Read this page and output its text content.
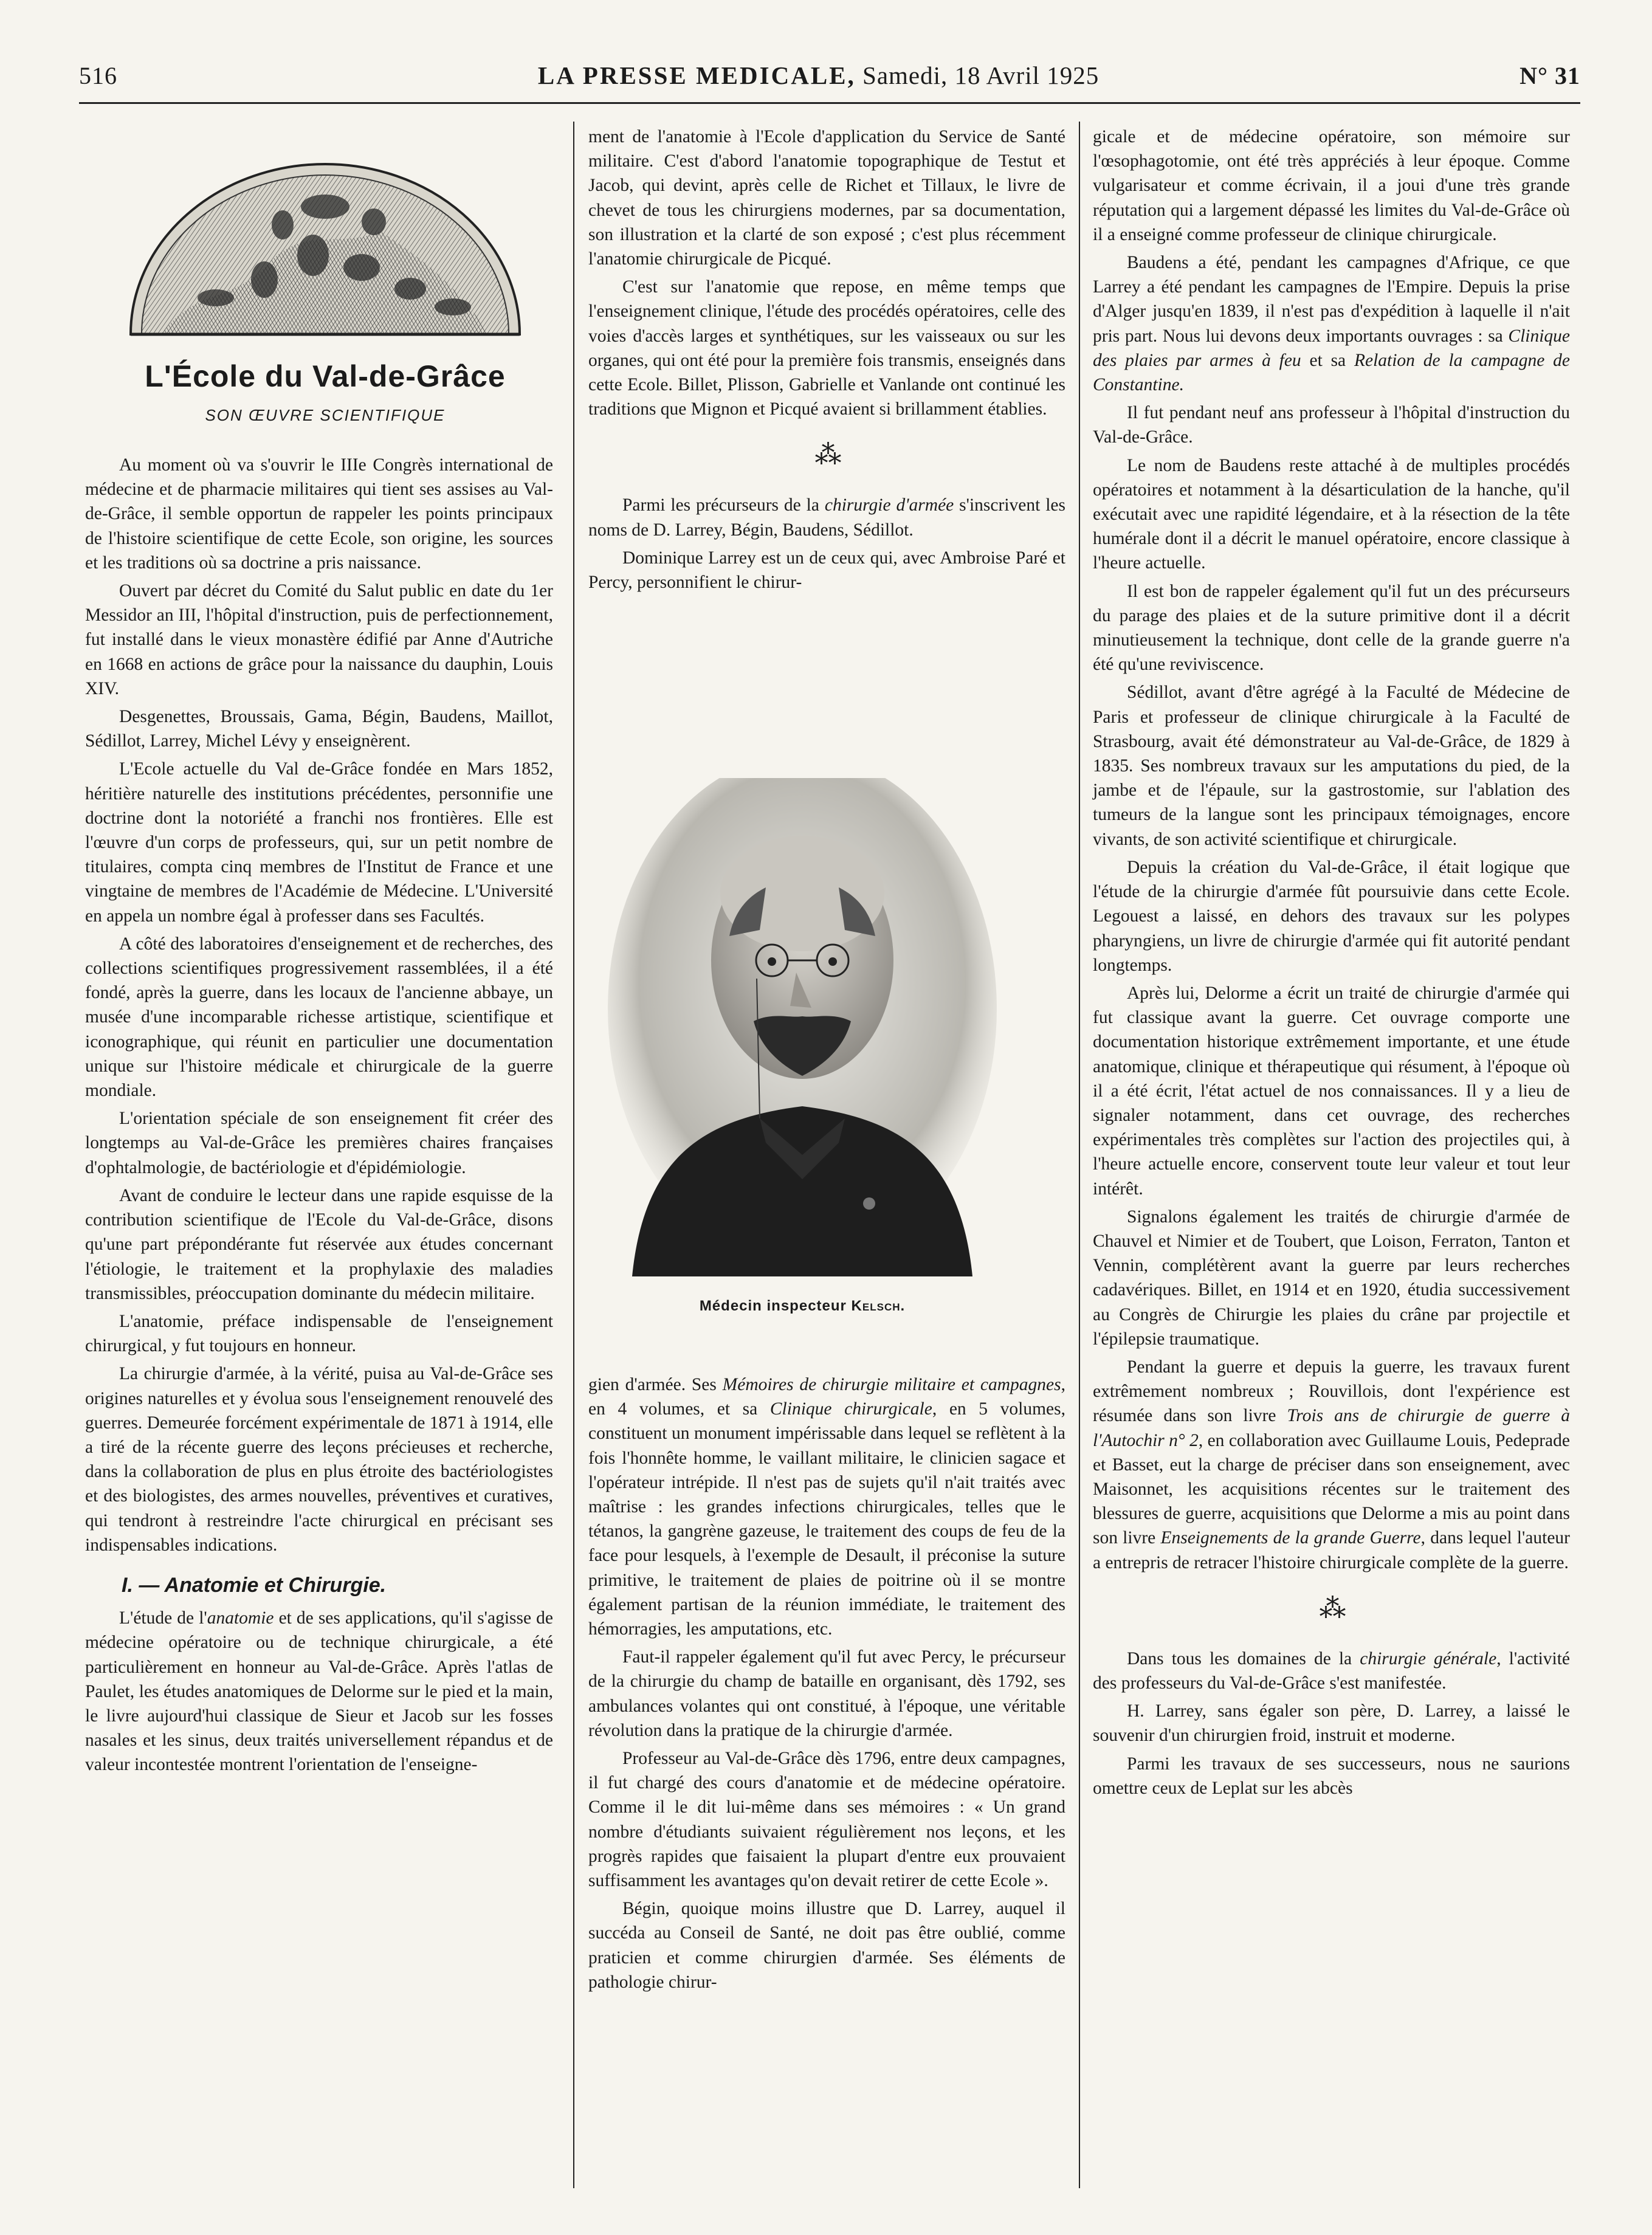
516	LA PRESSE MEDICALE, Samedi, 18 Avril 1925	N° 31
L'École du Val-de-Grâce
SON ŒUVRE SCIENTIFIQUE

Au moment où va s'ouvrir le IIIe Congrès international de médecine et de pharmacie militaires qui tient ses assises au Val-de-Grâce, il semble opportun de rappeler les points principaux de l'histoire scientifique de cette Ecole, son origine, les sources et les traditions où sa doctrine a pris naissance.

Ouvert par décret du Comité du Salut public en date du 1er Messidor an III, l'hôpital d'instruction, puis de perfectionnement, fut installé dans le vieux monastère édifié par Anne d'Autriche en 1668 en actions de grâce pour la naissance du dauphin, Louis XIV.

Desgenettes, Broussais, Gama, Bégin, Baudens, Maillot, Sédillot, Larrey, Michel Lévy y enseignèrent.

L'Ecole actuelle du Val de-Grâce fondée en Mars 1852, héritière naturelle des institutions précédentes, personnifie une doctrine dont la notoriété a franchi nos frontières. Elle est l'œuvre d'un corps de professeurs, qui, sur un petit nombre de titulaires, compta cinq membres de l'Institut de France et une vingtaine de membres de l'Académie de Médecine. L'Université en appela un nombre égal à professer dans ses Facultés.

A côté des laboratoires d'enseignement et de recherches, des collections scientifiques progressivement rassemblées, il a été fondé, après la guerre, dans les locaux de l'ancienne abbaye, un musée d'une incomparable richesse artistique, scientifique et iconographique, qui réunit en particulier une documentation unique sur l'histoire médicale et chirurgicale de la guerre mondiale.

L'orientation spéciale de son enseignement fit créer des longtemps au Val-de-Grâce les premières chaires françaises d'ophtalmologie, de bactériologie et d'épidémiologie.

Avant de conduire le lecteur dans une rapide esquisse de la contribution scientifique de l'Ecole du Val-de-Grâce, disons qu'une part prépondérante fut réservée aux études concernant l'étiologie, le traitement et la prophylaxie des maladies transmissibles, préoccupation dominante du médecin militaire.

L'anatomie, préface indispensable de l'enseignement chirurgical, y fut toujours en honneur.

La chirurgie d'armée, à la vérité, puisa au Val-de-Grâce ses origines naturelles et y évolua sous l'enseignement renouvelé des guerres. Demeurée forcément expérimentale de 1871 à 1914, elle a tiré de la récente guerre des leçons précieuses et recherche, dans la collaboration de plus en plus étroite des bactériologistes et des biologistes, des armes nouvelles, préventives et curatives, qui tendront à restreindre l'acte chirurgical en précisant ses indispensables indications.

I. — Anatomie et Chirurgie.

L'étude de l'anatomie et de ses applications, qu'il s'agisse de médecine opératoire ou de technique chirurgicale, a été particulièrement en honneur au Val-de-Grâce. Après l'atlas de Paulet, les études anatomiques de Delorme sur le pied et la main, le livre aujourd'hui classique de Sieur et Jacob sur les fosses nasales et les sinus, deux traités universellement répandus et de valeur incontestée montrent l'orientation de l'enseigne-

ment de l'anatomie à l'Ecole d'application du Service de Santé militaire. C'est d'abord l'anatomie topographique de Testut et Jacob, qui devint, après celle de Richet et Tillaux, le livre de chevet de tous les chirurgiens modernes, par sa documentation, son illustration et la clarté de son exposé ; c'est plus récemment l'anatomie chirurgicale de Picqué.

C'est sur l'anatomie que repose, en même temps que l'enseignement clinique, l'étude des procédés opératoires, celle des voies d'accès larges et synthétiques, sur les vaisseaux ou sur les organes, qui ont été pour la première fois transmis, enseignés dans cette Ecole. Billet, Plisson, Gabrielle et Vanlande ont continué les traditions que Mignon et Picqué avaient si brillamment établies.

⁂

Parmi les précurseurs de la chirurgie d'armée s'inscrivent les noms de D. Larrey, Bégin, Baudens, Sédillot.

Dominique Larrey est un de ceux qui, avec Ambroise Paré et Percy, personnifient le chirur-

Médecin inspecteur Kelsch.

gien d'armée. Ses Mémoires de chirurgie militaire et campagnes, en 4 volumes, et sa Clinique chirurgicale, en 5 volumes, constituent un monument impérissable dans lequel se reflètent à la fois l'honnête homme, le vaillant militaire, le clinicien sagace et l'opérateur intrépide. Il n'est pas de sujets qu'il n'ait traités avec maîtrise : les grandes infections chirurgicales, telles que le tétanos, la gangrène gazeuse, le traitement des coups de feu de la face pour lesquels, à l'exemple de Desault, il préconise la suture primitive, le traitement de plaies de poitrine où il se montre également partisan de la réunion immédiate, le traitement des hémorragies, les amputations, etc.

Faut-il rappeler également qu'il fut avec Percy, le précurseur de la chirurgie du champ de bataille en organisant, dès 1792, ses ambulances volantes qui ont constitué, à l'époque, une véritable révolution dans la pratique de la chirurgie d'armée.

Professeur au Val-de-Grâce dès 1796, entre deux campagnes, il fut chargé des cours d'anatomie et de médecine opératoire. Comme il le dit lui-même dans ses mémoires : « Un grand nombre d'étudiants suivaient régulièrement nos leçons, et les progrès rapides que faisaient la plupart d'entre eux prouvaient suffisamment les avantages qu'on devait retirer de cette Ecole ».

Bégin, quoique moins illustre que D. Larrey, auquel il succéda au Conseil de Santé, ne doit pas être oublié, comme praticien et comme chirurgien d'armée. Ses éléments de pathologie chirur-

gicale et de médecine opératoire, son mémoire sur l'œsophagotomie, ont été très appréciés à leur époque. Comme vulgarisateur et comme écrivain, il a joui d'une très grande réputation qui a largement dépassé les limites du Val-de-Grâce où il a enseigné comme professeur de clinique chirurgicale.

Baudens a été, pendant les campagnes d'Afrique, ce que Larrey a été pendant les campagnes de l'Empire. Depuis la prise d'Alger jusqu'en 1839, il n'est pas d'expédition à laquelle il n'ait pris part. Nous lui devons deux importants ouvrages : sa Clinique des plaies par armes à feu et sa Relation de la campagne de Constantine.

Il fut pendant neuf ans professeur à l'hôpital d'instruction du Val-de-Grâce.

Le nom de Baudens reste attaché à de multiples procédés opératoires et notamment à la désarticulation de la hanche, qu'il exécutait avec une rapidité légendaire, et à la résection de la tête humérale dont il a décrit le manuel opératoire, encore classique à l'heure actuelle.

Il est bon de rappeler également qu'il fut un des précurseurs du parage des plaies et de la suture primitive dont il a décrit minutieusement la technique, dont celle de la grande guerre n'a été qu'une reviviscence.

Sédillot, avant d'être agrégé à la Faculté de Médecine de Paris et professeur de clinique chirurgicale à la Faculté de Strasbourg, avait été démonstrateur au Val-de-Grâce, de 1829 à 1835. Ses nombreux travaux sur les amputations du pied, de la jambe et de l'épaule, sur la gastrostomie, sur l'ablation des tumeurs de la langue sont les principaux témoignages, encore vivants, de son activité scientifique et chirurgicale.

Depuis la création du Val-de-Grâce, il était logique que l'étude de la chirurgie d'armée fût poursuivie dans cette Ecole. Legouest a laissé, en dehors des travaux sur les polypes pharyngiens, un livre de chirurgie d'armée qui fit autorité pendant longtemps.

Après lui, Delorme a écrit un traité de chirurgie d'armée qui fut classique avant la guerre. Cet ouvrage comporte une documentation historique extrêmement importante, et une étude anatomique, clinique et thérapeutique qui résument, à l'époque où il a été écrit, l'état actuel de nos connaissances. Il y a lieu de signaler notamment, dans cet ouvrage, des recherches expérimentales très complètes sur l'action des projectiles qui, à l'heure actuelle encore, conservent toute leur valeur et tout leur intérêt.

Signalons également les traités de chirurgie d'armée de Chauvel et Nimier et de Toubert, que Loison, Ferraton, Tanton et Vennin, complétèrent avant la guerre par leurs recherches cadavériques. Billet, en 1914 et en 1920, étudia successivement au Congrès de Chirurgie les plaies du crâne par projectile et l'épilepsie traumatique.

Pendant la guerre et depuis la guerre, les travaux furent extrêmement nombreux ; Rouvillois, dont l'expérience est résumée dans son livre Trois ans de chirurgie de guerre à l'Autochir n° 2, en collaboration avec Guillaume Louis, Pedeprade et Basset, eut la charge de préciser dans son enseignement, avec Maisonnet, les acquisitions récentes sur le traitement des blessures de guerre, acquisitions que Delorme a mis au point dans son livre Enseignements de la grande Guerre, dans lequel l'auteur a entrepris de retracer l'histoire chirurgicale complète de la guerre.

⁂

Dans tous les domaines de la chirurgie générale, l'activité des professeurs du Val-de-Grâce s'est manifestée.

H. Larrey, sans égaler son père, D. Larrey, a laissé le souvenir d'un chirurgien froid, instruit et moderne.

Parmi les travaux de ses successeurs, nous ne saurions omettre ceux de Leplat sur les abcès
